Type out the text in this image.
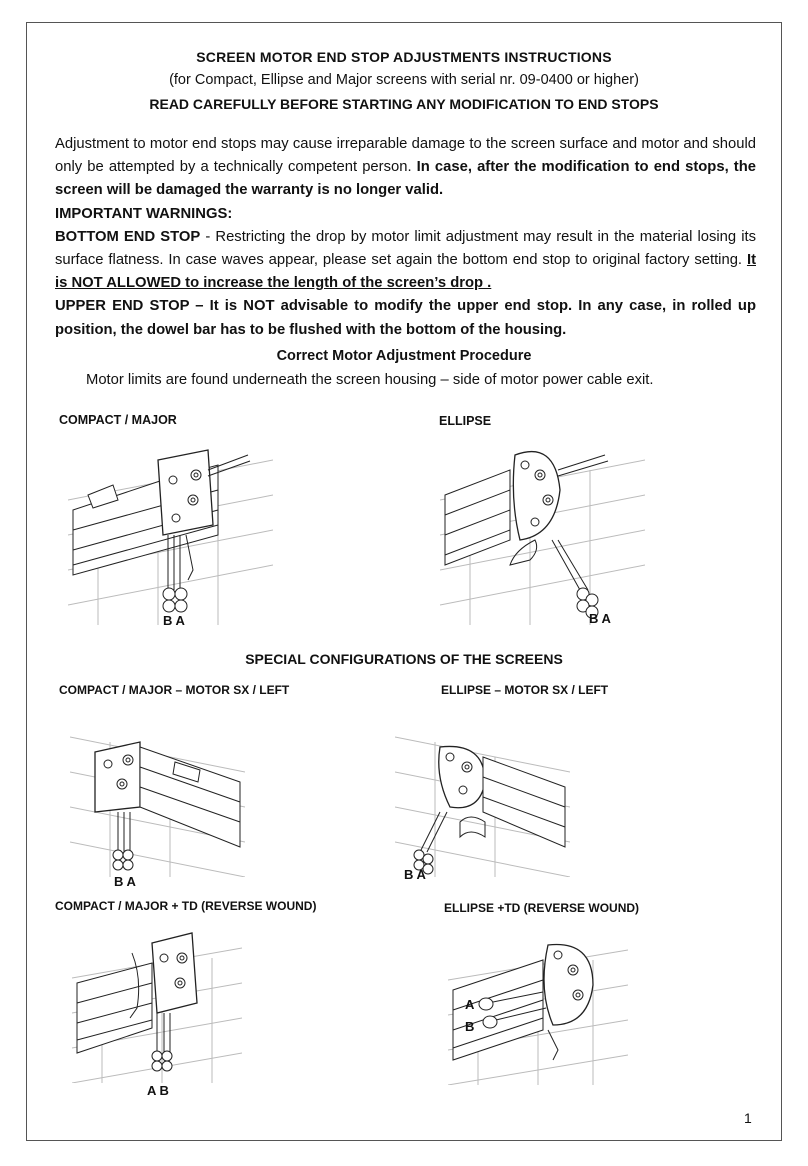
SCREEN MOTOR END STOP ADJUSTMENTS INSTRUCTIONS
(for Compact, Ellipse and Major screens with serial nr. 09-0400 or higher)
READ CAREFULLY BEFORE STARTING ANY MODIFICATION TO END STOPS

Adjustment to motor end stops may cause irreparable damage to the screen surface and motor and should only be attempted by a technically competent person. In case, after the modification to end stops, the screen will be damaged the warranty is no longer valid.

IMPORTANT WARNINGS:

BOTTOM END STOP - Restricting the drop by motor limit adjustment may result in the material losing its surface flatness. In case waves appear, please set again the bottom end stop to original factory setting. It is NOT ALLOWED to increase the length of the screen’s drop .

UPPER END STOP – It is NOT advisable to modify the upper end stop. In any case, in rolled up position, the dowel bar has to be flushed with the bottom of the housing.

Correct Motor Adjustment Procedure
Motor limits are found underneath the screen housing – side of motor power cable exit.
COMPACT / MAJOR
B A
ELLIPSE
B A
SPECIAL CONFIGURATIONS OF THE SCREENS
COMPACT / MAJOR – MOTOR SX / LEFT
B A
ELLIPSE – MOTOR SX / LEFT
B A
COMPACT / MAJOR + TD (REVERSE WOUND)
A B
ELLIPSE +TD (REVERSE WOUND)
A
B
1
